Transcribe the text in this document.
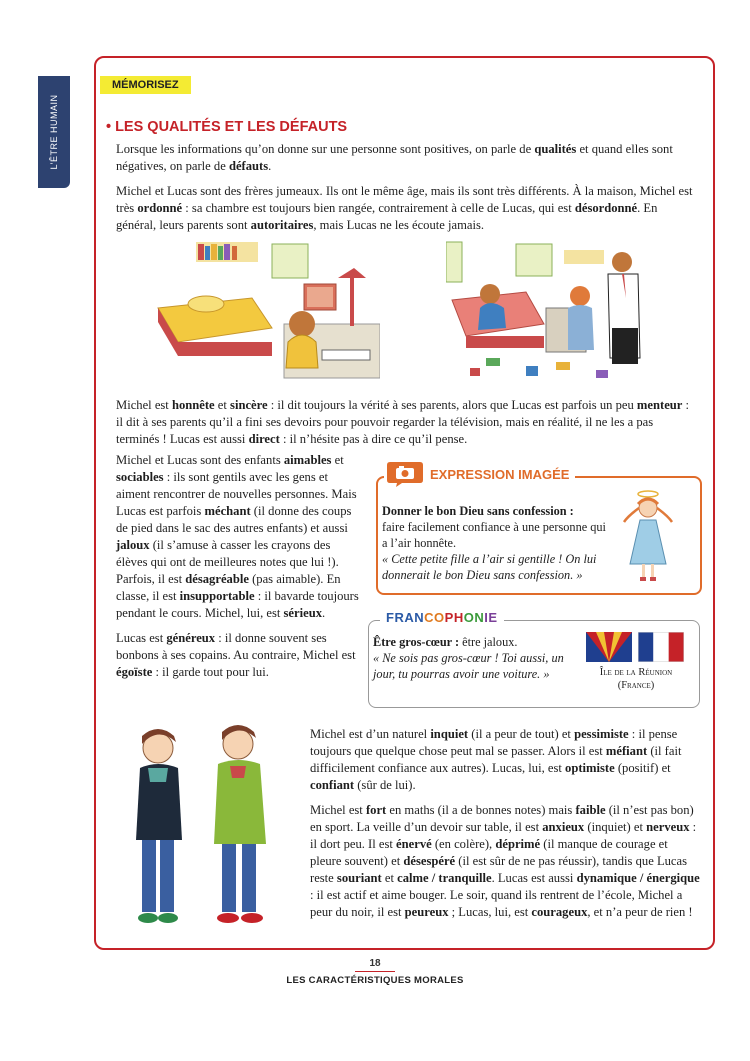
L’ÊTRE HUMAIN
MÉMORISEZ
• LES QUALITÉS ET LES DÉFAUTS
Lorsque les informations qu’on donne sur une personne sont positives, on parle de qualités et quand elles sont négatives, on parle de défauts.
Michel et Lucas sont des frères jumeaux. Ils ont le même âge, mais ils sont très différents. À la maison, Michel est très ordonné : sa chambre est toujours bien rangée, contrairement à celle de Lucas, qui est désordonné. En général, leurs parents sont autoritaires, mais Lucas ne les écoute jamais.
Michel est honnête et sincère : il dit toujours la vérité à ses parents, alors que Lucas est parfois un peu menteur : il dit à ses parents qu’il a fini ses devoirs pour pouvoir regarder la télévision, mais en réalité, il ne les a pas terminés ! Lucas est aussi direct : il n’hésite pas à dire ce qu’il pense.

Michel et Lucas sont des enfants aimables et sociables : ils sont gentils avec les gens et aiment rencontrer de nouvelles personnes. Mais Lucas est parfois méchant (il donne des coups de pied dans le sac des autres enfants) et aussi jaloux (il s’amuse à casser les crayons des élèves qui ont de meilleures notes que lui !). Parfois, il est désagréable (pas aimable). En classe, il est insupportable : il bavarde toujours pendant le cours. Michel, lui, est sérieux.

Lucas est généreux : il donne souvent ses bonbons à ses copains. Au contraire, Michel est égoïste : il garde tout pour lui.

EXPRESSION IMAGÉE
Donner le bon Dieu sans confession :
faire facilement confiance à une personne qui a l’air honnête.
« Cette petite fille a l’air si gentille ! On lui donnerait le bon Dieu sans confession. »
FRANCOPHONIE
Être gros-cœur : être jaloux.
« Ne sois pas gros-cœur ! Toi aussi, un jour, tu pourras avoir une voiture. »	Île de la Réunion
(France)

Michel est d’un naturel inquiet (il a peur de tout) et pessimiste : il pense toujours que quelque chose peut mal se passer. Alors il est méfiant (il fait difficilement confiance aux autres). Lucas, lui, est optimiste (positif) et confiant (sûr de lui).

Michel est fort en maths (il a de bonnes notes) mais faible (il n’est pas bon) en sport. La veille d’un devoir sur table, il est anxieux (inquiet) et nerveux : il dort peu. Il est énervé (en colère), déprimé (il manque de courage et pleure souvent) et désespéré (il est sûr de ne pas réussir), tandis que Lucas reste souriant et calme / tranquille. Lucas est aussi dynamique / énergique : il est actif et aime bouger. Le soir, quand ils rentrent de l’école, Michel a peur du noir, il est peureux ; Lucas, lui, est courageux, et n’a peur de rien !

18
LES CARACTÉRISTIQUES MORALES
